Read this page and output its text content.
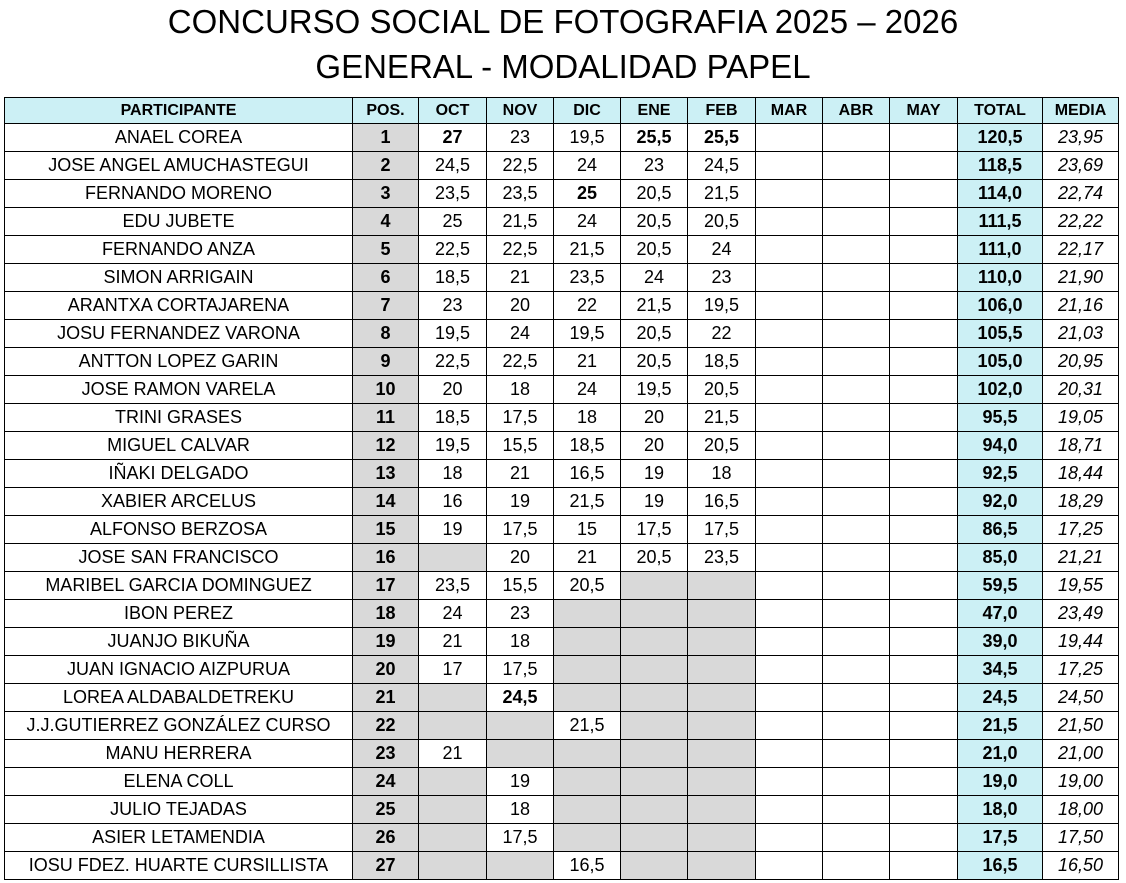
CONCURSO SOCIAL DE FOTOGRAFIA 2025 – 2026
GENERAL - MODALIDAD PAPEL
PARTICIPANTE	POS.	OCT	NOV	DIC	ENE	FEB	MAR	ABR	MAY	TOTAL	MEDIA
ANAEL COREA	1	27	23	19,5	25,5	25,5				120,5	23,95
JOSE ANGEL AMUCHASTEGUI	2	24,5	22,5	24	23	24,5				118,5	23,69
FERNANDO MORENO	3	23,5	23,5	25	20,5	21,5				114,0	22,74
EDU JUBETE	4	25	21,5	24	20,5	20,5				111,5	22,22
FERNANDO ANZA	5	22,5	22,5	21,5	20,5	24				111,0	22,17
SIMON ARRIGAIN	6	18,5	21	23,5	24	23				110,0	21,90
ARANTXA CORTAJARENA	7	23	20	22	21,5	19,5				106,0	21,16
JOSU FERNANDEZ VARONA	8	19,5	24	19,5	20,5	22				105,5	21,03
ANTTON LOPEZ GARIN	9	22,5	22,5	21	20,5	18,5				105,0	20,95
JOSE RAMON VARELA	10	20	18	24	19,5	20,5				102,0	20,31
TRINI GRASES	11	18,5	17,5	18	20	21,5				95,5	19,05
MIGUEL CALVAR	12	19,5	15,5	18,5	20	20,5				94,0	18,71
IÑAKI DELGADO	13	18	21	16,5	19	18				92,5	18,44
XABIER ARCELUS	14	16	19	21,5	19	16,5				92,0	18,29
ALFONSO BERZOSA	15	19	17,5	15	17,5	17,5				86,5	17,25
JOSE SAN FRANCISCO	16		20	21	20,5	23,5				85,0	21,21
MARIBEL GARCIA DOMINGUEZ	17	23,5	15,5	20,5						59,5	19,55
IBON PEREZ	18	24	23							47,0	23,49
JUANJO BIKUÑA	19	21	18							39,0	19,44
JUAN IGNACIO AIZPURUA	20	17	17,5							34,5	17,25
LOREA ALDABALDETREKU	21		24,5							24,5	24,50
J.J.GUTIERREZ GONZÁLEZ CURSO	22			21,5						21,5	21,50
MANU HERRERA	23	21								21,0	21,00
ELENA COLL	24		19							19,0	19,00
JULIO TEJADAS	25		18							18,0	18,00
ASIER LETAMENDIA	26		17,5							17,5	17,50
IOSU FDEZ. HUARTE CURSILLISTA	27			16,5						16,5	16,50
